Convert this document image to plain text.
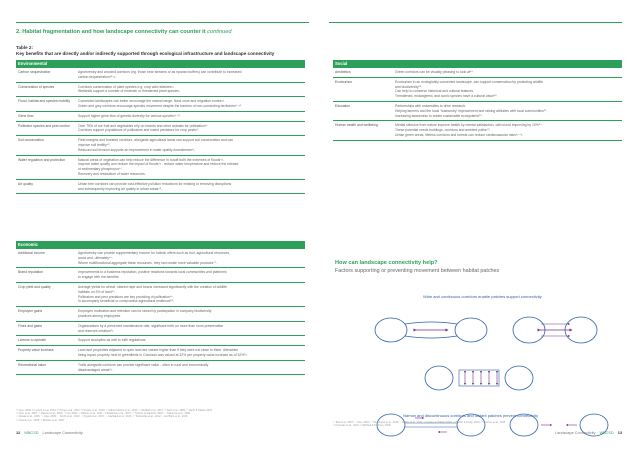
2. Habitat fragmentation and how landscape connectivity can counter it continued
Table 2:
Key benefits that are directly and/or indirectly supported through ecological infrastructure and landscape connectivity
Environmental
Carbon sequestration	Agroforestry and wooded corridors (eg. those near streams or as riparian buffers) can contribute to increased

carbon sequestration³⁰·³¹.

Conservation of species	Corridors conservation of plant species e.g. crop wild relatives³².

Wetlands support a number of endemic or threatened plant species.

Flood, habitat and species mobility	Connected landscapes can better encourage the natural range, flood zone and migration routes³³.

Green and grey corridors encourage species movement despite the barriers of non-connecting territories³⁴·³⁵.

Gene flow	Support higher gene flow of genetic diversity for various species³⁶·³⁷.

Pollinator species and pest control	Over 75% of our fruit and vegetables rely on insects and other animals for pollination³⁸.

Corridors support populations of pollinators and insect predators for crop pests³⁹.

Soil conservation	Field margins and forested corridors, alongside agricultural lands can support soil conservation and can

improve soil fertility⁴⁰.

Reduced soil erosion supports an improvement in water quality downstream⁴¹.

Water regulation and protection	Natural areas of vegetation can help reduce the difference in runoff both the extremes of floods⁴²,

improve water quality and reduce the impact of floods⁴³ - reduce water temperature and reduce the release

of sedimentary phosphorus⁴⁴.

Recovery and restoration of water resources.

Air quality	Urban tree corridors can provide cost-effective pollution reductions for existing or removing disruptions

and subsequently improving air quality in urban areas⁴⁵.

Economic
Additional income	Agroforestry can provide supplementary income for holistic offers such as fruit, agricultural resources,

wood and, ultimately⁴⁶.

Where multifunctional aggregate these resources, they can create more valuable products⁴⁷.

Brand reputation	Improvements to a business reputation, positive reactions towards local communities and platforms

to engage with the benefits.

Crop yield and quality	Average yields for wheat, oilseed rape and beans increased significantly with the creation of wildlife

habitats on 3% of land⁴⁸.

Pollinators and pest predators are key providing of pollination⁴⁹.

In accompany beneficial or compromise agricultural resilience⁵⁰.

Employee gains	Employee motivation and retention can be raised by participation in company biodiversity

practices among employees.

Fines and gains	Organisations by a preserved maintenance rate, significant forth on more than room preservation

and reserves creation⁵¹.

License to operate	Support stockpiles as well to fulfil regulations.

Property value increase	Land and properties adjacent to open land are valued higher than if they were not close to them. Alterables

being equal, property next to greenfields in Colorado was valued at 32% per property value increase as of 32%⁵².

Recreational value	Trails alongside corridors can provide significant value - often in rural and economically

disadvantaged areas⁵³.

³⁰ Jose, 2009; ³¹ Lorenz & Lal, 2014; ³² Hunter et al., 2012; ³³ Krosby et al., 2010; ³⁴ Gilbert-Norton et al., 2010; ³⁵ Haddad et al., 2014; ³⁶ Aars et al., 1999; ³⁷ Mech & Hallett, 2001
³⁸ Klein et al., 2007; ³⁹ Bianchi et al., 2006; ⁴⁰ Lal, 2004; ⁴¹ Dabney et al., 2001; ⁴² Bradshaw et al., 2007; ⁴³ Tockner & Stanford, 2002; ⁴⁴ Tabacchi et al., 2000
⁴⁵ Nowak et al., 2006; ⁴⁶ Jose, 2009; ⁴⁷ Smith et al., 2012; ⁴⁸ Pywell et al., 2015; ⁴⁹ Garibaldi et al., 2013; ⁵⁰ Tscharntke et al., 2012; ⁵¹ ten Brink et al., 2016
⁵² Correll et al., 1978; ⁵³ Bowker et al., 2007
12 WBCSD Landscape Connectivity
Social
Aesthetics	Green corridors can be visually pleasing to look at⁵⁴.

Ecotourism	Ecotourism in an ecologically connected landscape, can support conservation by protecting wildlife

and biodiversity⁵⁵.

Can help to conserve historical and cultural features.

Threatened, endangered, and iconic species have a cultural value⁵⁶.

Education	Partnerships with universities to drive research.

Helping farmers and the local 'husbandry' improvement and raising attitudes with local communities⁵⁷.

Increasing awareness to create sustainable ecosystems⁵⁸.

Human health and wellbeing	Mental stimulus from nature improve health by mental satisfaction, with mood improving by 10%⁵⁹.

These potential needs buildings, corridors and ambient paths⁶⁰.

Urban green areas, lifeless corridors and forests can reduce cardiovascular risks⁶¹·⁶².

How can landscape connectivity help?
Factors supporting or preventing movement between habitat patches
Wide and continuous corridors enable patches support connectivity
Narrow and discontinuous corridors and distant patches prevent connectivity
⁵⁴ Bell et al., 2007; ⁵⁵ Kiss, 2004; ⁵⁶ Hausmann et al., 2016; ⁵⁷ Dobbs et al., 2011; ⁵⁸ Krasny & Tidball, 2009; ⁵⁹ Barton & Pretty, 2010; ⁶⁰ Gascon et al., 2015
⁶¹ Donovan et al., 2013; ⁶² Mitchell & Popham, 2008
Landscape Connectivity WBCSD 13
